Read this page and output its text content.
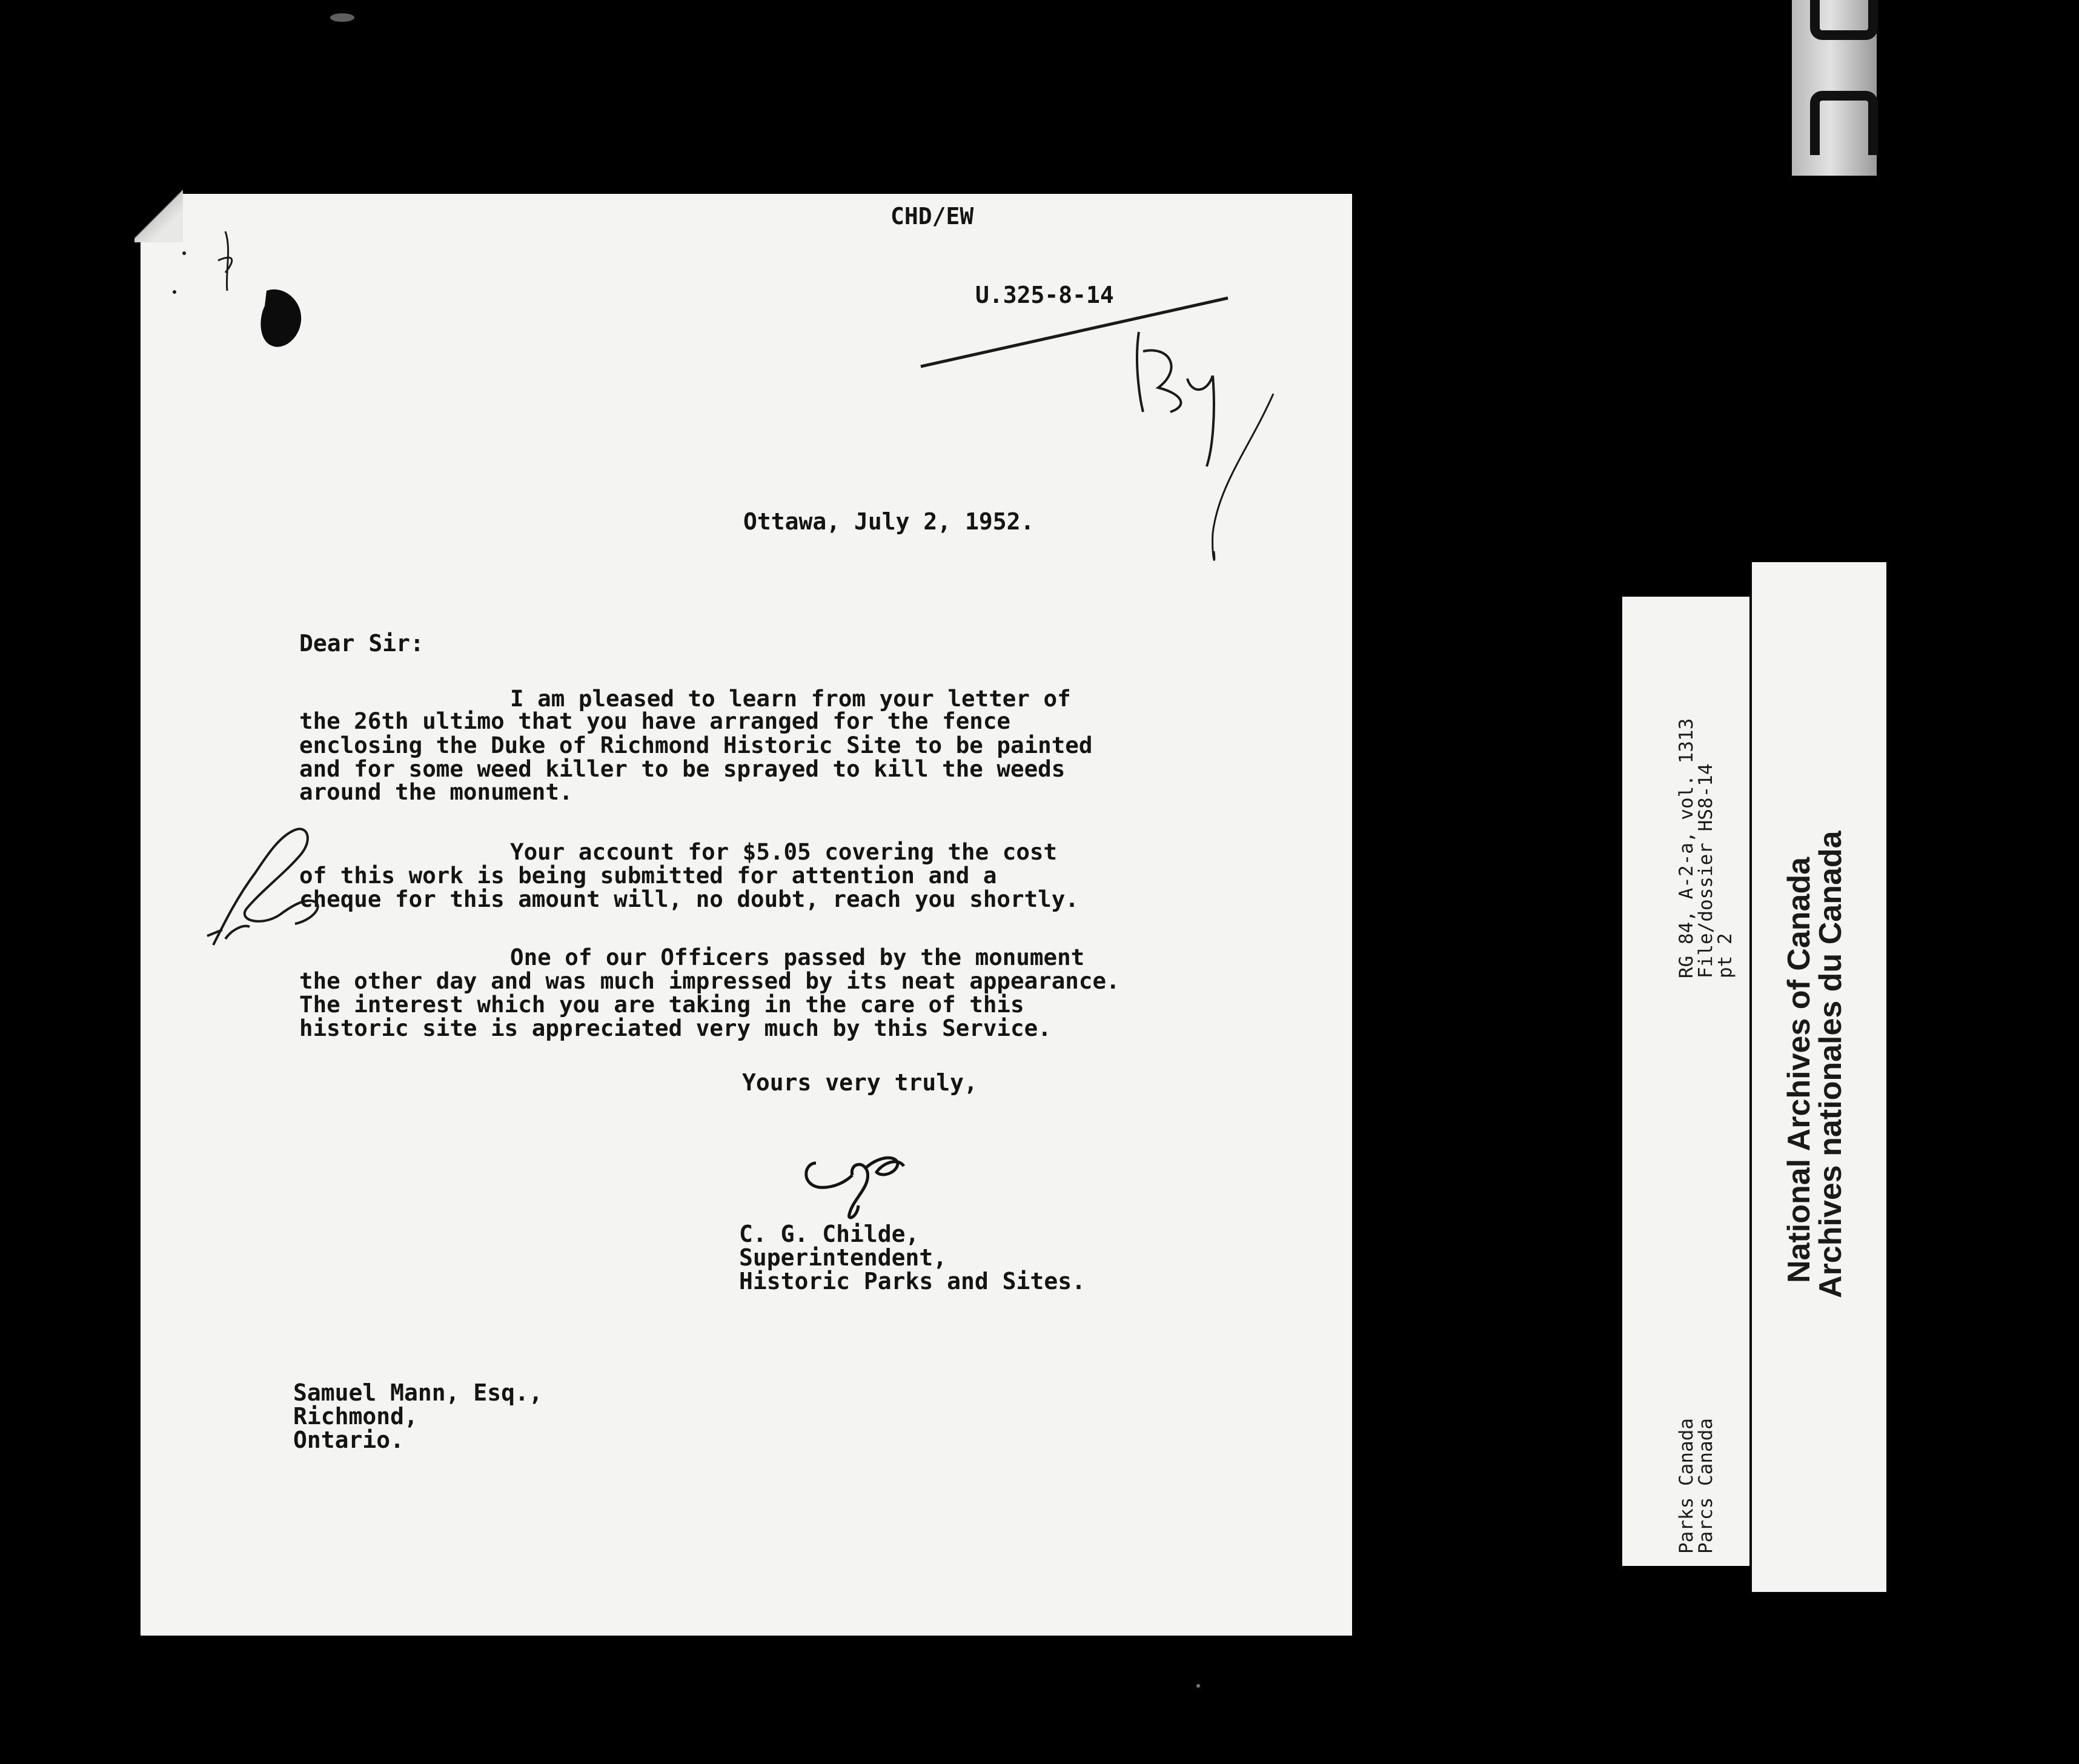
CHD/EW
U.325-8-14
Ottawa, July 2, 1952.
Dear Sir:
I am pleased to learn from your letter of
the 26th ultimo that you have arranged for the fence
enclosing the Duke of Richmond Historic Site to be painted
and for some weed killer to be sprayed to kill the weeds
around the monument.
Your account for $5.05 covering the cost
of this work is being submitted for attention and a
cheque for this amount will, no doubt, reach you shortly.
One of our Officers passed by the monument
the other day and was much impressed by its neat appearance.
The interest which you are taking in the care of this
historic site is appreciated very much by this Service.
Yours very truly,
C. G. Childe,
Superintendent,
Historic Parks and Sites.
Samuel Mann, Esq.,
Richmond,
Ontario.
RG 84, A-2-a, vol. 1313
File/dossier HS8-14
pt 2
Parks Canada
Parcs Canada
National Archives of Canada
Archives nationales du Canada
